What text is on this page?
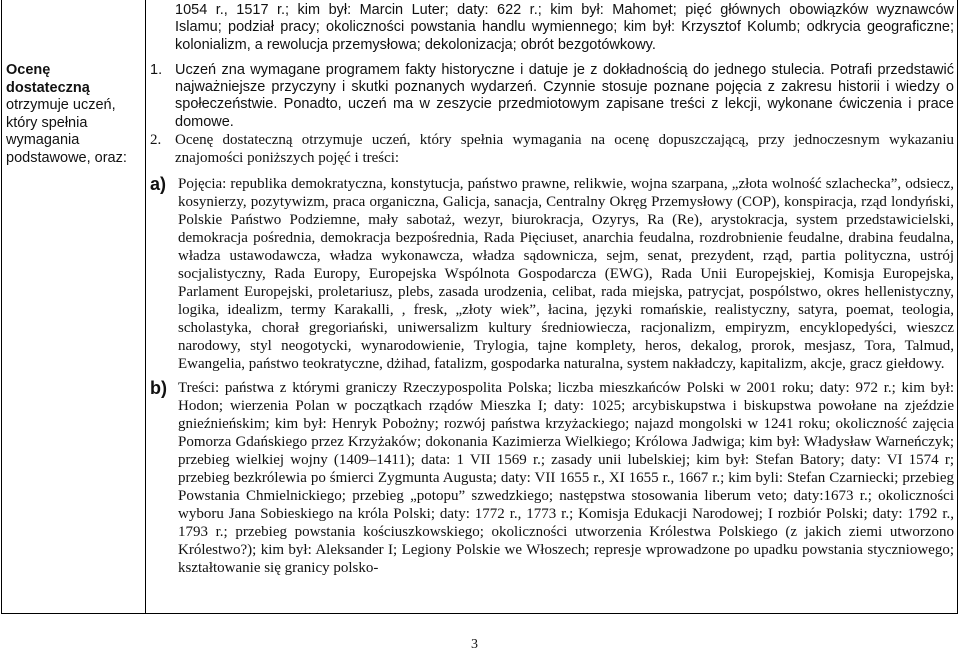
Ocenę dostateczną
otrzymuje uczeń,
który spełnia
wymagania
podstawowe, oraz:
1054 r., 1517 r.; kim był: Marcin Luter; daty: 622 r.; kim był: Mahomet; pięć głównych obowiązków wyznawców
Islamu; podział pracy; okoliczności powstania handlu wymiennego; kim był: Krzysztof Kolumb; odkrycia geograficzne;
kolonializm, a rewolucja przemysłowa; dekolonizacja; obrót bezgotówkowy.
1. Uczeń zna wymagane programem fakty historyczne i datuje je z dokładnością do jednego stulecia. Potrafi przedstawić najważniejsze przyczyny i skutki poznanych wydarzeń. Czynnie stosuje poznane pojęcia z zakresu historii i wiedzy o społeczeństwie. Ponadto, uczeń ma w zeszycie przedmiotowym zapisane treści z lekcji, wykonane ćwiczenia i prace domowe.
2. Ocenę dostateczną otrzymuje uczeń, który spełnia wymagania na ocenę dopuszczającą, przy jednoczesnym wykazaniu znajomości poniższych pojęć i treści:
a) Pojęcia: republika demokratyczna, konstytucja, państwo prawne, relikwie, wojna szarpana, „złota wolność szlachecka”, odsiecz, kosynierzy, pozytywizm, praca organiczna, Galicja, sanacja, Centralny Okręg Przemysłowy (COP), konspiracja, rząd londyński, Polskie Państwo Podziemne, mały sabotaż, wezyr, biurokracja, Ozyrys, Ra (Re), arystokracja, system przedstawicielski, demokracja pośrednia, demokracja bezpośrednia, Rada Pięciuset, anarchia feudalna, rozdrobnienie feudalne, drabina feudalna, władza ustawodawcza, władza wykonawcza, władza sądownicza, sejm, senat, prezydent, rząd, partia polityczna, ustrój socjalistyczny, Rada Europy, Europejska Wspólnota Gospodarcza (EWG), Rada Unii Europejskiej, Komisja Europejska, Parlament Europejski, proletariusz, plebs, zasada urodzenia, celibat, rada miejska, patrycjat, pospólstwo, okres hellenistyczny, logika, idealizm, termy Karakalli, , fresk, „złoty wiek”, łacina, języki romańskie, realistyczny, satyra, poemat, teologia, scholastyka, chorał gregoriański, uniwersalizm kultury średniowiecza, racjonalizm, empiryzm, encyklopedyści, wieszcz narodowy, styl neogotycki, wynarodowienie, Trylogia, tajne komplety, heros, dekalog, prorok, mesjasz, Tora, Talmud, Ewangelia, państwo teokratyczne, dżihad, fatalizm, gospodarka naturalna, system nakładczy, kapitalizm, akcje, gracz giełdowy.
b) Treści: państwa z którymi graniczy Rzeczypospolita Polska; liczba mieszkańców Polski w 2001 roku; daty: 972 r.; kim był: Hodon; wierzenia Polan w początkach rządów Mieszka I; daty: 1025; arcybiskupstwa i biskupstwa powołane na zjeździe gnieźnieńskim; kim był: Henryk Pobożny; rozwój państwa krzyżackiego; najazd mongolski w 1241 roku; okoliczność zajęcia Pomorza Gdańskiego przez Krzyżaków; dokonania Kazimierza Wielkiego; Królowa Jadwiga; kim był: Władysław Warneńczyk; przebieg wielkiej wojny (1409–1411); data: 1 VII 1569 r.; zasady unii lubelskiej; kim był: Stefan Batory; daty: VI 1574 r; przebieg bezkrólewia po śmierci Zygmunta Augusta; daty: VII 1655 r., XI 1655 r., 1667 r.; kim byli: Stefan Czarniecki; przebieg Powstania Chmielnickiego; przebieg „potopu” szwedzkiego; następstwa stosowania liberum veto; daty:1673 r.; okoliczności wyboru Jana Sobieskiego na króla Polski; daty: 1772 r., 1773 r.; Komisja Edukacji Narodowej; I rozbiór Polski; daty: 1792 r., 1793 r.; przebieg powstania kościuszkowskiego; okoliczności utworzenia Królestwa Polskiego (z jakich ziemi utworzono Królestwo?); kim był: Aleksander I; Legiony Polskie we Włoszech; represje wprowadzone po upadku powstania styczniowego; kształtowanie się granicy polsko-
3
